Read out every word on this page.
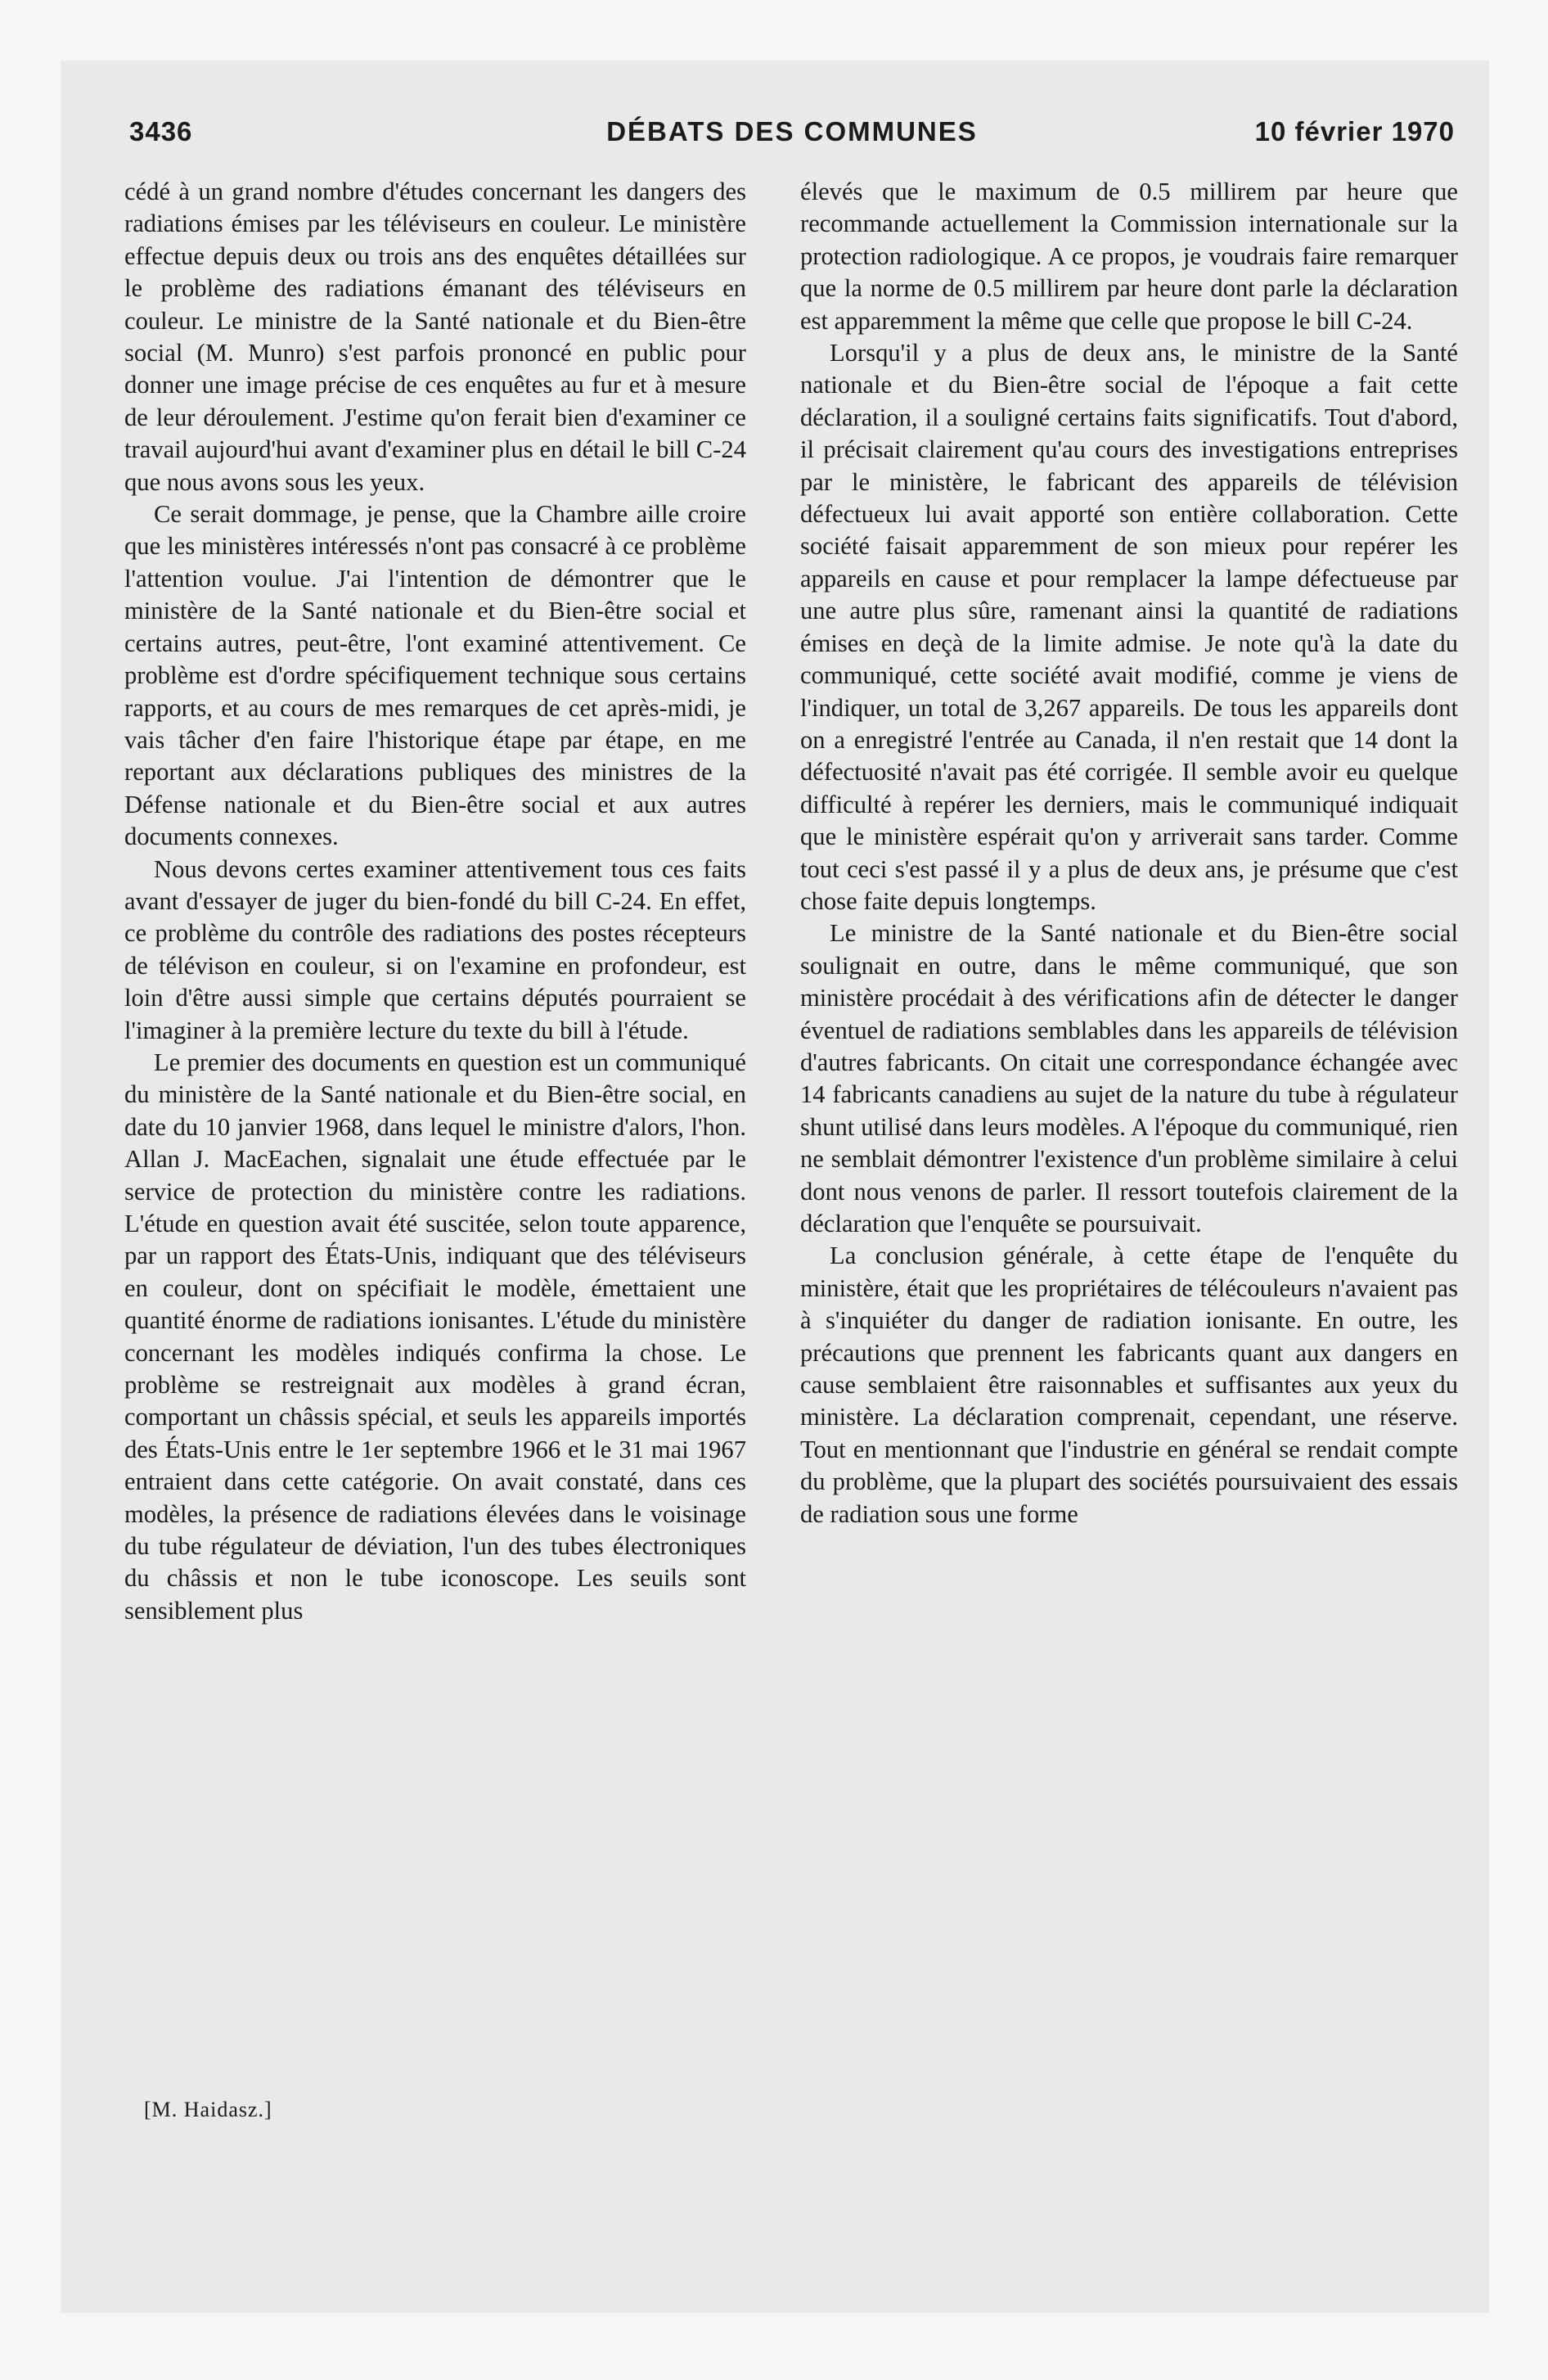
3436	DÉBATS DES COMMUNES	10 février 1970

cédé à un grand nombre d'études concernant les dangers des radiations émises par les téléviseurs en couleur. Le ministère effectue depuis deux ou trois ans des enquêtes détaillées sur le problème des radiations émanant des téléviseurs en couleur. Le ministre de la Santé nationale et du Bien-être social (M. Munro) s'est parfois prononcé en public pour donner une image précise de ces enquêtes au fur et à mesure de leur déroulement. J'estime qu'on ferait bien d'examiner ce travail aujourd'hui avant d'examiner plus en détail le bill C-24 que nous avons sous les yeux.

Ce serait dommage, je pense, que la Chambre aille croire que les ministères intéressés n'ont pas consacré à ce problème l'attention voulue. J'ai l'intention de démontrer que le ministère de la Santé nationale et du Bien-être social et certains autres, peut-être, l'ont examiné attentivement. Ce problème est d'ordre spécifiquement technique sous certains rapports, et au cours de mes remarques de cet après-midi, je vais tâcher d'en faire l'historique étape par étape, en me reportant aux déclarations publiques des ministres de la Défense nationale et du Bien-être social et aux autres documents connexes.

Nous devons certes examiner attentivement tous ces faits avant d'essayer de juger du bien-fondé du bill C-24. En effet, ce problème du contrôle des radiations des postes récepteurs de télévison en couleur, si on l'examine en profondeur, est loin d'être aussi simple que certains députés pourraient se l'imaginer à la première lecture du texte du bill à l'étude.

Le premier des documents en question est un communiqué du ministère de la Santé nationale et du Bien-être social, en date du 10 janvier 1968, dans lequel le ministre d'alors, l'hon. Allan J. MacEachen, signalait une étude effectuée par le service de protection du ministère contre les radiations. L'étude en question avait été suscitée, selon toute apparence, par un rapport des États-Unis, indiquant que des téléviseurs en couleur, dont on spécifiait le modèle, émettaient une quantité énorme de radiations ionisantes. L'étude du ministère concernant les modèles indiqués confirma la chose. Le problème se restreignait aux modèles à grand écran, comportant un châssis spécial, et seuls les appareils importés des États-Unis entre le 1er septembre 1966 et le 31 mai 1967 entraient dans cette catégorie. On avait constaté, dans ces modèles, la présence de radiations élevées dans le voisinage du tube régulateur de déviation, l'un des tubes électroniques du châssis et non le tube iconoscope. Les seuils sont sensiblement plus

élevés que le maximum de 0.5 millirem par heure que recommande actuellement la Commission internationale sur la protection radiologique. A ce propos, je voudrais faire remarquer que la norme de 0.5 millirem par heure dont parle la déclaration est apparemment la même que celle que propose le bill C-24.

Lorsqu'il y a plus de deux ans, le ministre de la Santé nationale et du Bien-être social de l'époque a fait cette déclaration, il a souligné certains faits significatifs. Tout d'abord, il précisait clairement qu'au cours des investigations entreprises par le ministère, le fabricant des appareils de télévision défectueux lui avait apporté son entière collaboration. Cette société faisait apparemment de son mieux pour repérer les appareils en cause et pour remplacer la lampe défectueuse par une autre plus sûre, ramenant ainsi la quantité de radiations émises en deçà de la limite admise. Je note qu'à la date du communiqué, cette société avait modifié, comme je viens de l'indiquer, un total de 3,267 appareils. De tous les appareils dont on a enregistré l'entrée au Canada, il n'en restait que 14 dont la défectuosité n'avait pas été corrigée. Il semble avoir eu quelque difficulté à repérer les derniers, mais le communiqué indiquait que le ministère espérait qu'on y arriverait sans tarder. Comme tout ceci s'est passé il y a plus de deux ans, je présume que c'est chose faite depuis longtemps.

Le ministre de la Santé nationale et du Bien-être social soulignait en outre, dans le même communiqué, que son ministère procédait à des vérifications afin de détecter le danger éventuel de radiations semblables dans les appareils de télévision d'autres fabricants. On citait une correspondance échangée avec 14 fabricants canadiens au sujet de la nature du tube à régulateur shunt utilisé dans leurs modèles. A l'époque du communiqué, rien ne semblait démontrer l'existence d'un problème similaire à celui dont nous venons de parler. Il ressort toutefois clairement de la déclaration que l'enquête se poursuivait.

La conclusion générale, à cette étape de l'enquête du ministère, était que les propriétaires de télécouleurs n'avaient pas à s'inquiéter du danger de radiation ionisante. En outre, les précautions que prennent les fabricants quant aux dangers en cause semblaient être raisonnables et suffisantes aux yeux du ministère. La déclaration comprenait, cependant, une réserve. Tout en mentionnant que l'industrie en général se rendait compte du problème, que la plupart des sociétés poursuivaient des essais de radiation sous une forme

[M. Haidasz.]
